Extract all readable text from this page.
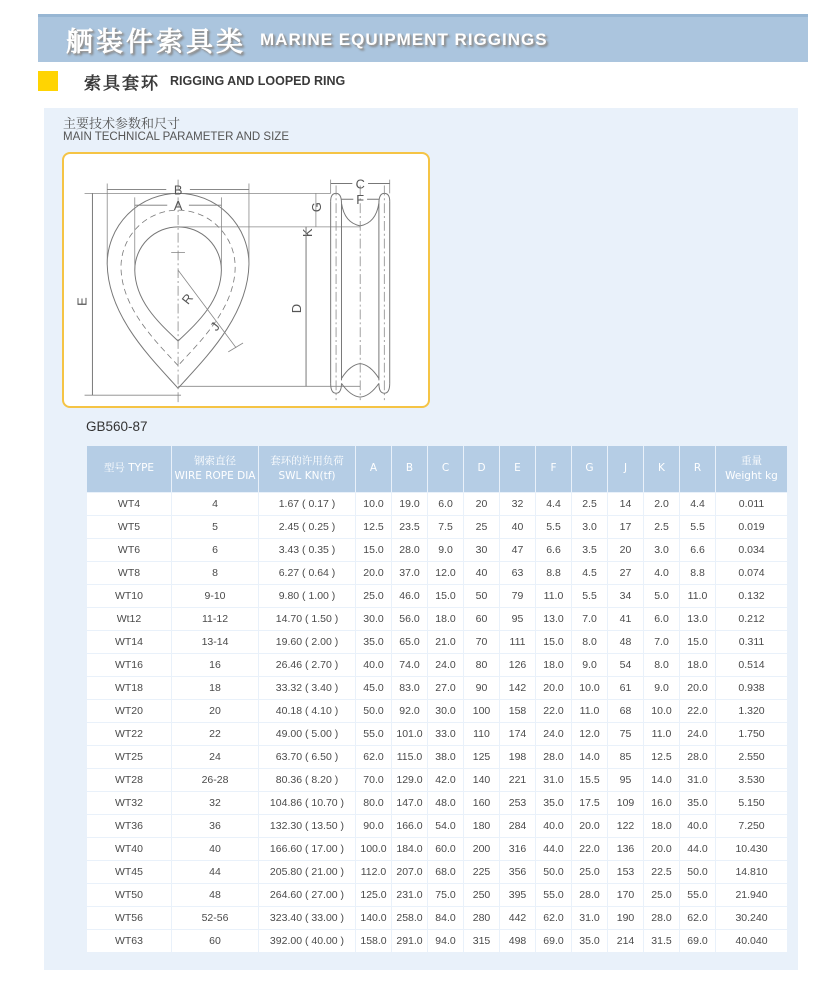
舾装件索具类 MARINE EQUIPMENT RIGGINGS
索具套环 RIGGING AND LOOPED RING
主要技术参数和尺寸
MAIN TECHNICAL PARAMETER AND SIZE
B
A
E	R
J
C
F
G
K
D
GB560-87
型号 TYPE

钢索直径
WIRE ROPE DIA

套环的许用负荷
SWL KN(tf)

A	B	C	D	E	F	G	J	K	R

重量
Weight kg

WT4	4	1.67 ( 0.17 )	10.0	19.0	6.0	20	32	4.4	2.5	14	2.0	4.4	0.011
WT5	5	2.45 ( 0.25 )	12.5	23.5	7.5	25	40	5.5	3.0	17	2.5	5.5	0.019
WT6	6	3.43 ( 0.35 )	15.0	28.0	9.0	30	47	6.6	3.5	20	3.0	6.6	0.034
WT8	8	6.27 ( 0.64 )	20.0	37.0	12.0	40	63	8.8	4.5	27	4.0	8.8	0.074
WT10	9-10	9.80 ( 1.00 )	25.0	46.0	15.0	50	79	11.0	5.5	34	5.0	11.0	0.132
Wt12	11-12	14.70 ( 1.50 )	30.0	56.0	18.0	60	95	13.0	7.0	41	6.0	13.0	0.212
WT14	13-14	19.60 ( 2.00 )	35.0	65.0	21.0	70	111	15.0	8.0	48	7.0	15.0	0.311
WT16	16	26.46 ( 2.70 )	40.0	74.0	24.0	80	126	18.0	9.0	54	8.0	18.0	0.514
WT18	18	33.32 ( 3.40 )	45.0	83.0	27.0	90	142	20.0	10.0	61	9.0	20.0	0.938
WT20	20	40.18 ( 4.10 )	50.0	92.0	30.0	100	158	22.0	11.0	68	10.0	22.0	1.320
WT22	22	49.00 ( 5.00 )	55.0	101.0	33.0	110	174	24.0	12.0	75	11.0	24.0	1.750
WT25	24	63.70 ( 6.50 )	62.0	115.0	38.0	125	198	28.0	14.0	85	12.5	28.0	2.550
WT28	26-28	80.36 ( 8.20 )	70.0	129.0	42.0	140	221	31.0	15.5	95	14.0	31.0	3.530
WT32	32	104.86 ( 10.70 )	80.0	147.0	48.0	160	253	35.0	17.5	109	16.0	35.0	5.150
WT36	36	132.30 ( 13.50 )	90.0	166.0	54.0	180	284	40.0	20.0	122	18.0	40.0	7.250
WT40	40	166.60 ( 17.00 )	100.0	184.0	60.0	200	316	44.0	22.0	136	20.0	44.0	10.430
WT45	44	205.80 ( 21.00 )	112.0	207.0	68.0	225	356	50.0	25.0	153	22.5	50.0	14.810
WT50	48	264.60 ( 27.00 )	125.0	231.0	75.0	250	395	55.0	28.0	170	25.0	55.0	21.940
WT56	52-56	323.40 ( 33.00 )	140.0	258.0	84.0	280	442	62.0	31.0	190	28.0	62.0	30.240
WT63	60	392.00 ( 40.00 )	158.0	291.0	94.0	315	498	69.0	35.0	214	31.5	69.0	40.040
